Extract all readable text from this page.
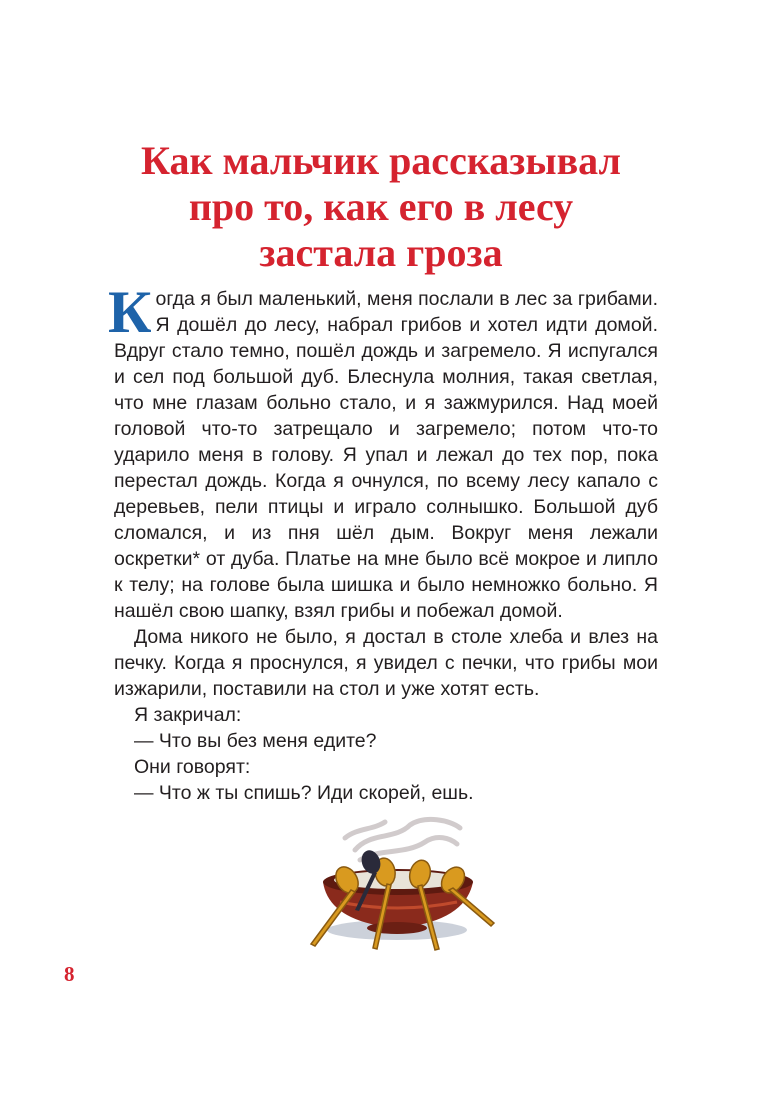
Как мальчик рассказывал
про то, как его в лесу
застала гроза

Когда я был маленький, меня послали в лес за грибами. Я дошёл до лесу, набрал грибов и хотел идти домой. Вдруг стало темно, пошёл дождь и загремело. Я испугался и сел под большой дуб. Блеснула молния, такая светлая, что мне глазам больно стало, и я зажмурился. Над моей головой что-то затрещало и загремело; потом что-то ударило меня в голову. Я упал и лежал до тех пор, пока перестал дождь. Когда я очнулся, по всему лесу капало с деревьев, пели птицы и играло солнышко. Большой дуб сломался, и из пня шёл дым. Вокруг меня лежали оскретки* от дуба. Платье на мне было всё мокрое и липло к телу; на голове была шишка и было немножко больно. Я нашёл свою шапку, взял грибы и побежал домой.

Дома никого не было, я достал в столе хлеба и влез на печку. Когда я проснулся, я увидел с печки, что грибы мои изжарили, поставили на стол и уже хотят есть.

Я закричал:

— Что вы без меня едите?

Они говорят:

— Что ж ты спишь? Иди скорей, ешь.

8
